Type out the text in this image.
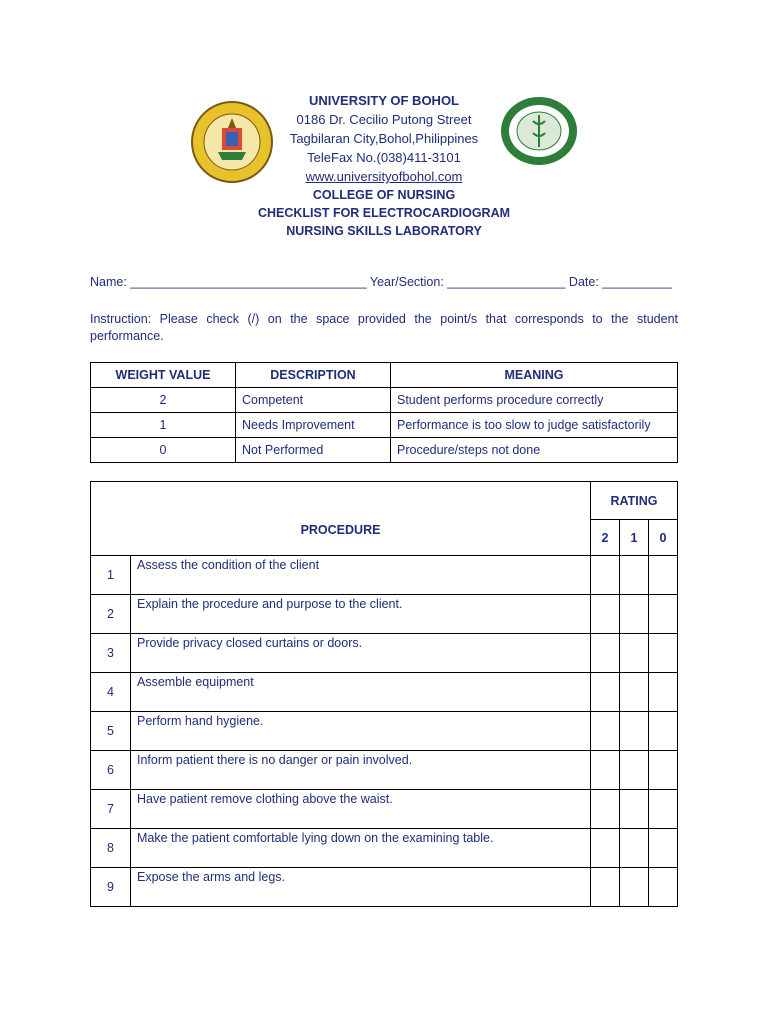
UNIVERSITY OF BOHOL
0186 Dr. Cecilio Putong Street
Tagbilaran City,Bohol,Philippines
TeleFax No.(038)411-3101
www.universityofbohol.com
COLLEGE OF NURSING
CHECKLIST FOR ELECTROCARDIOGRAM
NURSING SKILLS LABORATORY
Name: __________________________________ Year/Section: _________________ Date: __________
Instruction: Please check (/) on the space provided the point/s that corresponds to the student performance.
WEIGHT VALUE	DESCRIPTION	MEANING
2	Competent	Student performs procedure correctly
1	Needs Improvement	Performance is too slow to judge satisfactorily
0	Not Performed	Procedure/steps not done
PROCEDURE		RATING		
		2	1	0
1	Assess the condition of the client			
2	Explain the procedure and purpose to the client.			
3	Provide privacy closed curtains or doors.			
4	Assemble equipment			
5	Perform hand hygiene.			
6	Inform patient there is no danger or pain involved.			
7	Have patient remove clothing above the waist.			
8	Make the patient comfortable lying down on the examining table.			
9	Expose the arms and legs.			
